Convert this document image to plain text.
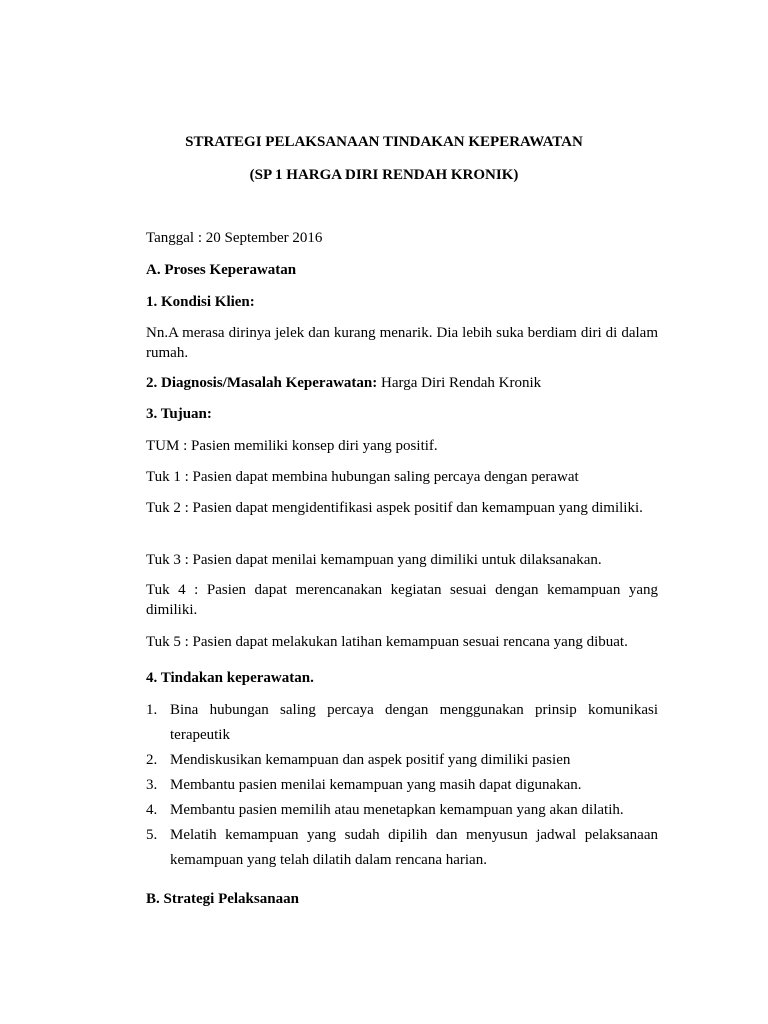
STRATEGI PELAKSANAAN TINDAKAN KEPERAWATAN
(SP 1 HARGA DIRI RENDAH KRONIK)
Tanggal : 20 September 2016
A. Proses Keperawatan
1. Kondisi Klien:
Nn.A merasa dirinya jelek dan kurang menarik. Dia lebih suka berdiam diri di dalam rumah.
2. Diagnosis/Masalah Keperawatan: Harga Diri Rendah Kronik
3. Tujuan:
TUM : Pasien memiliki konsep diri yang positif.
Tuk 1 : Pasien dapat membina hubungan saling percaya dengan perawat
Tuk 2 : Pasien dapat mengidentifikasi aspek positif dan kemampuan yang dimiliki.
Tuk 3 : Pasien dapat menilai kemampuan yang dimiliki untuk dilaksanakan.
Tuk 4 : Pasien dapat merencanakan kegiatan sesuai dengan kemampuan yang dimiliki.
Tuk 5 : Pasien dapat melakukan latihan kemampuan sesuai rencana yang dibuat.
4. Tindakan keperawatan.
1. Bina hubungan saling percaya dengan menggunakan prinsip komunikasi terapeutik
2. Mendiskusikan kemampuan dan aspek positif yang dimiliki pasien
3. Membantu pasien menilai kemampuan yang masih dapat digunakan.
4. Membantu pasien memilih atau menetapkan kemampuan yang akan dilatih.
5. Melatih kemampuan yang sudah dipilih dan menyusun jadwal pelaksanaan kemampuan yang telah dilatih dalam rencana harian.
B. Strategi Pelaksanaan
